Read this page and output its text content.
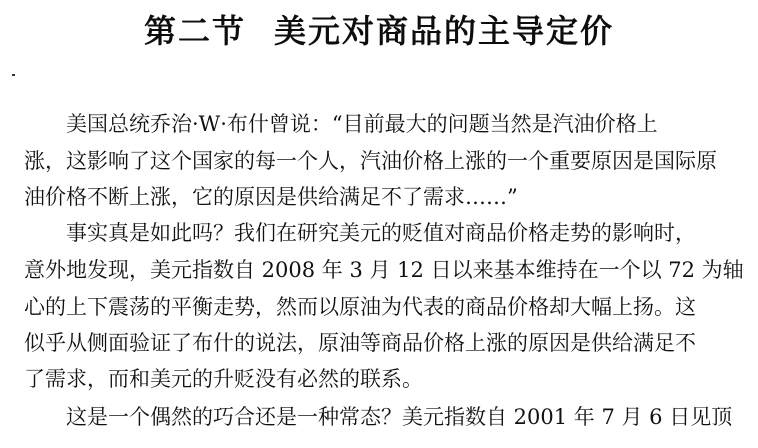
第二节 美元对商品的主导定价
美国总统乔治·W·布什曾说：“目前最大的问题当然是汽油价格上
涨，这影响了这个国家的每一个人，汽油价格上涨的一个重要原因是国际原
油价格不断上涨，它的原因是供给满足不了需求……”
事实真是如此吗？我们在研究美元的贬值对商品价格走势的影响时，
意外地发现，美元指数自 2008 年 3 月 12 日以来基本维持在一个以 72 为轴
心的上下震荡的平衡走势，然而以原油为代表的商品价格却大幅上扬。这
似乎从侧面验证了布什的说法，原油等商品价格上涨的原因是供给满足不
了需求，而和美元的升贬没有必然的联系。
这是一个偶然的巧合还是一种常态？美元指数自 2001 年 7 月 6 日见顶
